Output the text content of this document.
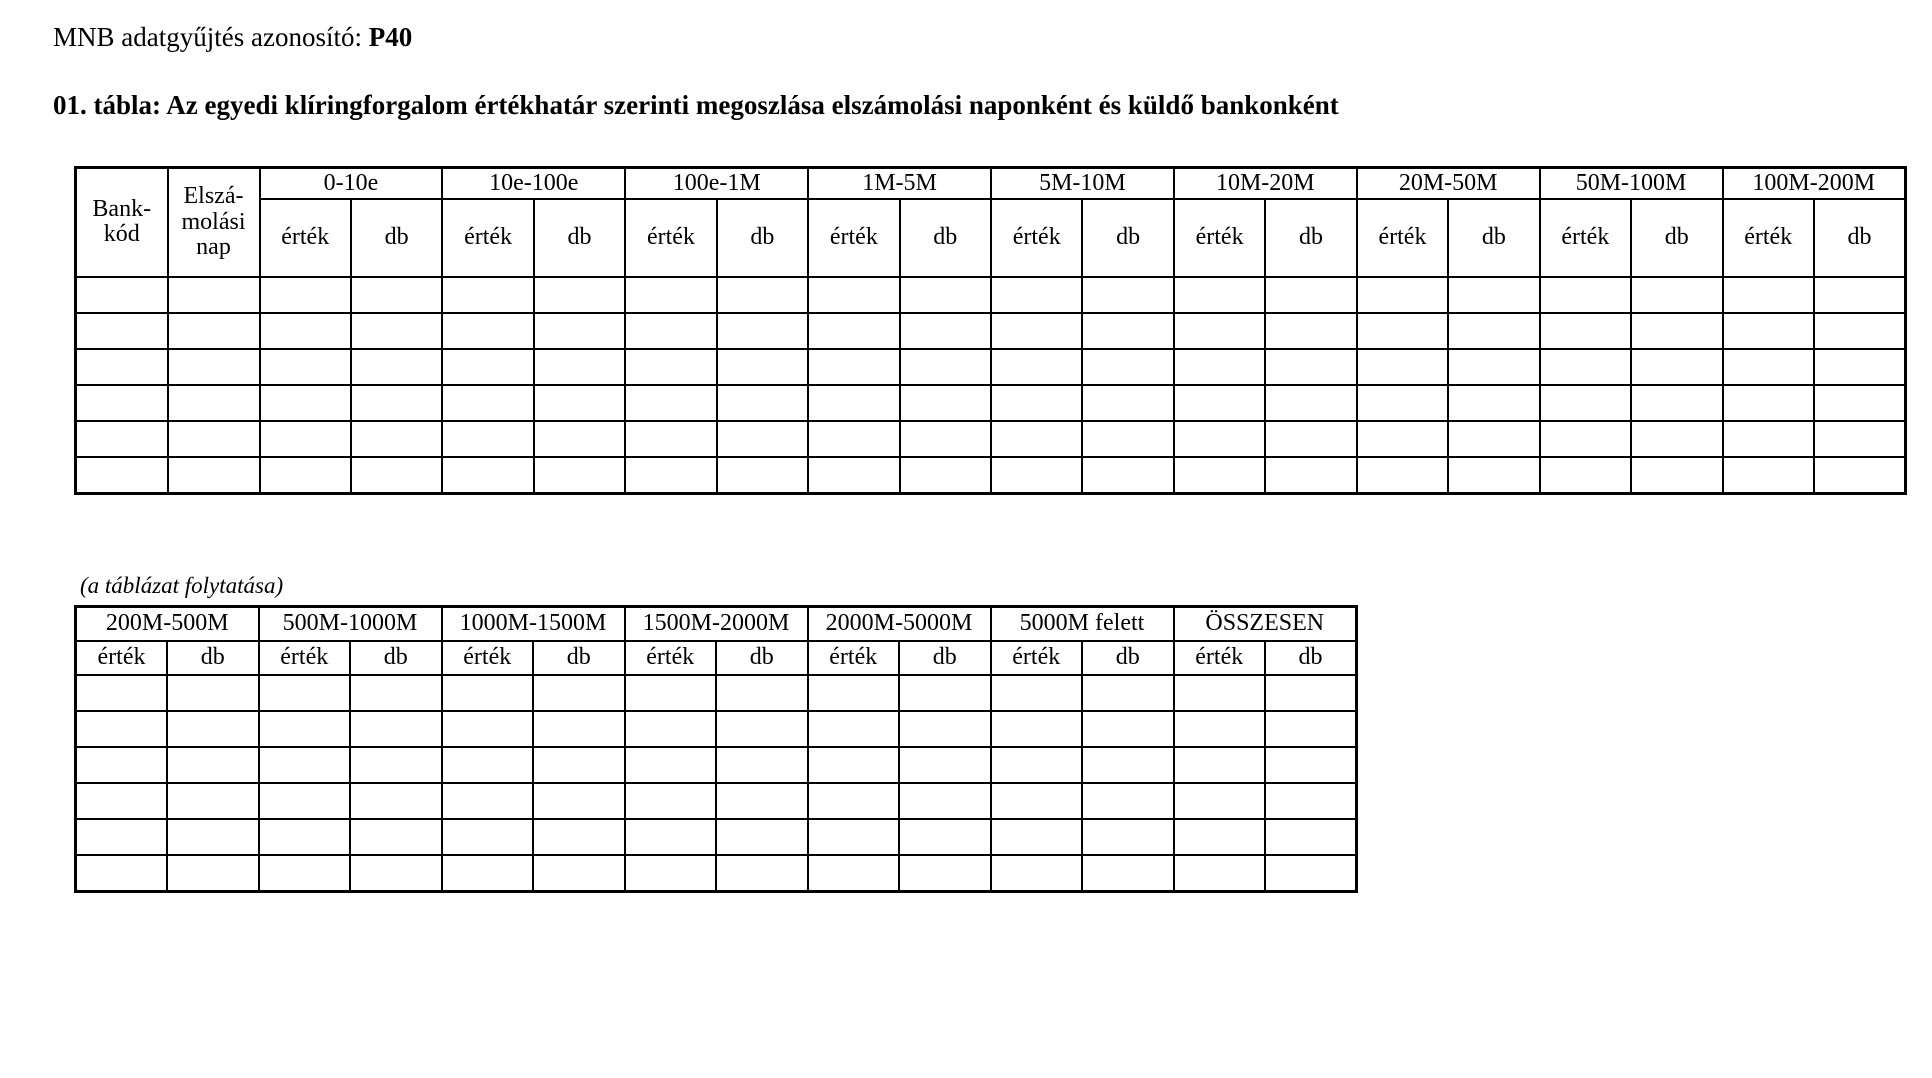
MNB adatgyűjtés azonosító: P40
01. tábla: Az egyedi klíringforgalom értékhatár szerinti megoszlása elszámolási naponként és küldő bankonként
Bank-kód	Elszá-molási nap	0-10e		10e-100e		100e-1M		1M-5M		5M-10M		10M-20M		20M-50M		50M-100M		100M-200M	
		érték	db	érték	db	érték	db	érték	db	érték	db	érték	db	érték	db	érték	db	érték	db

(a táblázat folytatása)
200M-500M		500M-1000M		1000M-1500M		1500M-2000M		2000M-5000M		5000M felett		ÖSSZESEN	
érték	db	érték	db	érték	db	érték	db	érték	db	érték	db	érték	db
